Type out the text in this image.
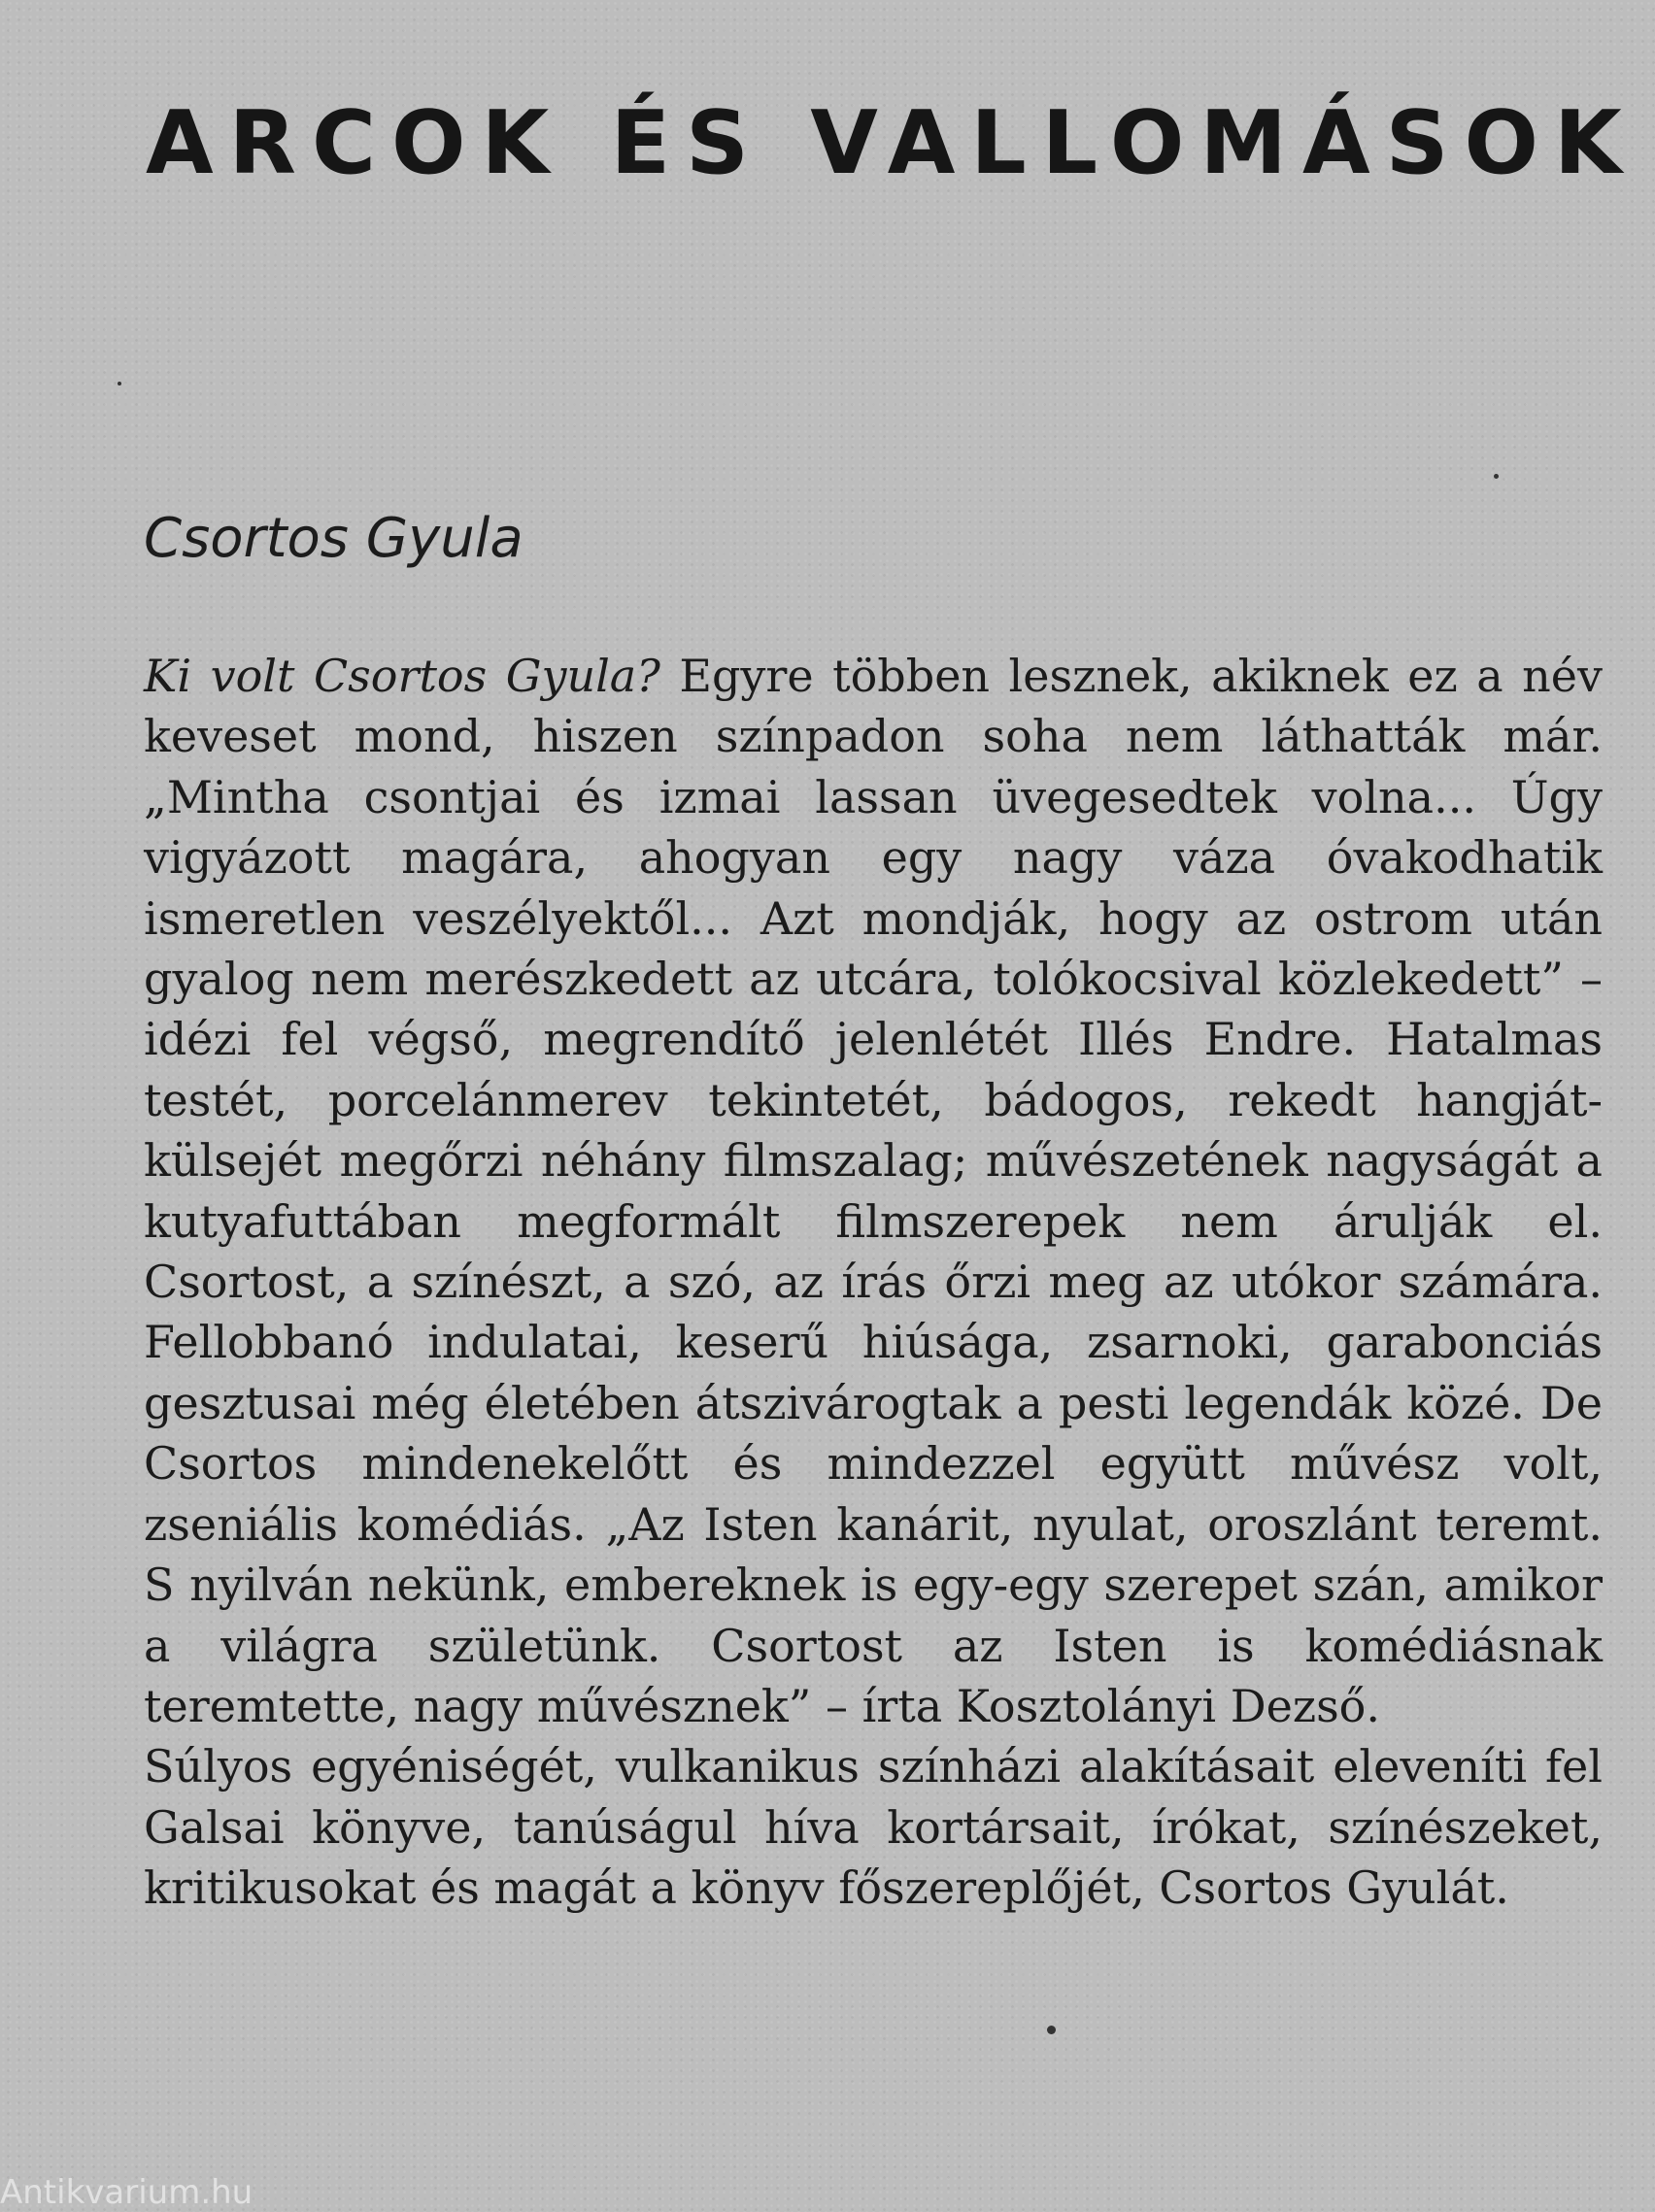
ARCOK ÉS VALLOMÁSOK
Csortos Gyula

Ki volt Csortos Gyula? Egyre többen lesznek, akiknek ez a név keveset mond, hiszen színpadon soha nem láthatták már. „Mintha csontjai és izmai lassan üvegesedtek volna... Úgy vigyázott magára, ahogyan egy nagy váza óvakodhatik ismeretlen veszélyektől... Azt mondják, hogy az ostrom után gyalog nem merészkedett az utcára, tolókocsival közlekedett” – idézi fel végső, megrendítő jelenlétét Illés Endre. Hatalmas testét, porcelánmerev tekintetét, bádogos, rekedt hangját-külsejét megőrzi néhány filmszalag; művészetének nagyságát a kutyafuttában megformált filmszerepek nem árulják el. Csortost, a színészt, a szó, az írás őrzi meg az utókor számára. Fellobbanó indulatai, keserű hiúsága, zsarnoki, garabonciás gesztusai még életében átszivárogtak a pesti legendák közé. De Csortos mindenekelőtt és mindezzel együtt művész volt, zseniális komédiás. „Az Isten kanárit, nyulat, oroszlánt teremt. S nyilván nekünk, embereknek is egy-egy szerepet szán, amikor a világra születünk. Csortost az Isten is komédiásnak teremtette, nagy művésznek” – írta Kosztolányi Dezső.

Súlyos egyéniségét, vulkanikus színházi alakításait eleveníti fel Galsai könyve, tanúságul híva kortársait, írókat, színészeket, kritikusokat és magát a könyv főszereplőjét, Csortos Gyulát.

Antikvarium.hu
